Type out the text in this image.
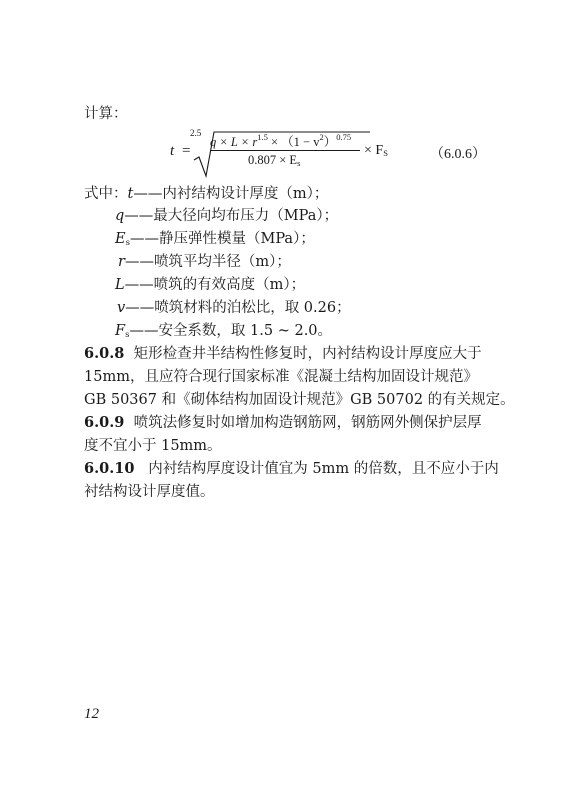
计算：
t =
2.5
$q \times L \times r^{1.5} \times (1 - v^2)^{0.75}$
$0.807 \times E_s$
× $F_S$	（6.0.6）
式中：t——内衬结构设计厚度（m）；
q——最大径向均布压力（MPa）；
$E_s——$静压弹性模量（MPa）；
r——喷筑平均半径（m）；
L——喷筑的有效高度（m）；
v——喷筑材料的泊松比，取 0.26；
$F_s——$安全系数，取 1.5 ~ 2.0。
6.0.8 矩形检查井半结构性修复时，内衬结构设计厚度应大于
15mm，且应符合现行国家标准《混凝土结构加固设计规范》
GB 50367 和《砌体结构加固设计规范》GB 50702 的有关规定。
6.0.9 喷筑法修复时如增加构造钢筋网，钢筋网外侧保护层厚
度不宜小于 15mm。
6.0.10 内衬结构厚度设计值宜为 5mm 的倍数，且不应小于内
衬结构设计厚度值。
12
